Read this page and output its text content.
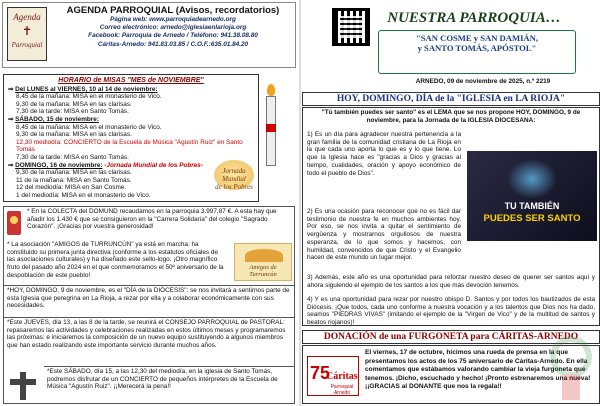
Agenda
✝
Parroquial
AGENDA PARROQUIAL (Avisos, recordatorios)
Página web: www.parroquiadearnedo.org
Correo electrónico: arnedo@iglesiaenlarioja.org
Facebook: Parroquia de Arnedo / Teléfono: 941.38.08.80
Cáritas-Arnedo: 941.83.03.85 / C.O.F.:635.01.84.20
HORARIO de MISAS "MES de NOVIEMBRE"
⇒ Del LUNES al VIERNES, 10 al 14 de noviembre:
8,45 de la mañana: MISA en el monasterio de Vico.
9,30 de la mañana: MISA en las clarisas.
7,30 de la tarde: MISA en Santo Tomás.
⇒ SÁBADO, 15 de noviembre:
8,45 de la mañana: MISA en el monasterio de Vico.
9,30 de la mañana: MISA en las clarisas.
12,30 mediodía: CONCIERTO de la Escuela de Música "Agustín Ruiz" en Santo Tomás
7,30 de la tarde: MISA en Santo Tomás.
⇒ DOMINGO, 16 de noviembre: -Jornada Mundial de los Pobres-
9,30 de la mañana: MISA en las clarisas.
11 de la mañana: MISA en Santo Tomás.
12 del mediodía: MISA en San Cosme.
1 del mediodía: MISA en el monasterio de Vico.
Jornada Mundial
de los Pobres
* En la COLECTA del DOMUND recaudamos en la parroquia 3.997,87 €. A esta hay que añadir los 1.430 € que se consiguieron en la "Carrera Solidaria" del colegio "Sagrado Corazón". ¡Gracias por vuestra generosidad!
* La asociación "AMIGOS de TURRUNCÚN" ya está en marcha: ha constituido su primera junta directiva (conforme a los estatutos oficiales de las asociaciones culturales) y ha diseñado este sello-logo. ¡Otro magnífico fruto del pasado año 2024 en el que conmemoramos el 50º aniversario de la despoblación de este pueblo!
Amigos de Turruncún
*HOY, DOMINGO, 9 de noviembre, es el "DÍA de la DIÓCESIS": se nos invitará a sentirnos parte de esta Iglesia que peregrina en La Rioja, a rezar por ella y a colaborar económicamente con sus necesidades.
*Este JUEVES, día 13, a las 8 de la tarde, se reunirá el CONSEJO PARROQUIAL de PASTORAL: repasaremos las actividades y celebraciones realizadas en estos últimos meses y programaremos las próximas: e iniciaremos la composición de un nuevo equipo sustituyendo a algunos miembros que han estado realizando este importante servicio durante muchos años.
*Este SÁBADO, día 15, a las 12,30 del mediodía, en la iglesia de Santo Tomás, podremos disfrutar de un CONCIERTO de pequeños intérpretes de la Escuela de Música "Agustín Ruiz". ¡¡Merecerá la pena!!
NUESTRA PARROQUIA…
"SAN COSME y SAN DAMIÁN,
y SANTO TOMÁS, APÓSTOL"
ARNEDO, 09 de noviembre de 2025, n.º 2219
HOY, DOMINGO, DÍA de la "IGLESIA en LA RIOJA"
"Tú también puedes ser santo" es el LEMA que se nos propone HOY, DOMINGO, 9 de noviembre, para la Jornada de la IGLESIA DIOCESANA:
TU TAMBIÉN
PUEDES SER SANTO
1) Es un día para agradecer nuestra pertenencia a la gran familia de la comunidad cristiana de La Rioja en la que cada uno aporta lo que es y lo que tiene. Lo que la Iglesia hace es "gracias a Dios y gracias al tiempo, cualidades, oración y apoyo económico de todo el pueblo de Dios".
2) Es una ocasión para reconocer que no es fácil dar testimonio de nuestra fe en muchos ambientes hoy. Por eso, se nos invita a quitar el sentimiento de vergüenza y mostrarnos orgullosos de nuestra esperanza, de lo que somos y hacemos, con humildad, convencidos de que Cristo y el Evangelio hacen de este mundo un lugar mejor.
3) Además, este año es una oportunidad para reforzar nuestro deseo de querer ser santos aquí y ahora siguiendo el ejemplo de los santos a los que más devoción tenemos.
4) Y es una oportunidad para rezar por nuestro obispo D. Santos y por todos los bautizados de esta Diócesis. ¡Que todos, cada uno conforme a nuestra vocación y a los talentos que Dios nos ha dado, seamos "PIEDRAS VIVAS" (imitando el ejemplo de la "Virgen de Vico" y de la multitud de santos y beatos riojanos)!
DONACIÓN de una FURGONETA para CÁRITAS-ARNEDO
75
Cáritas
Parroquial Arnedo
El viernes, 17 de octubre, hicimos una rueda de prensa en la que presentamos los actos de los 75 aniversario de Cáritas-Arnedo. En ella comentamos que estábamos valorando cambiar la vieja furgoneta que tenemos. ¡Dicho, escuchado y hecho! ¡Pronto estrenaremos una nueva! ¡¡GRACIAS al DONANTE que nos la regala!!
